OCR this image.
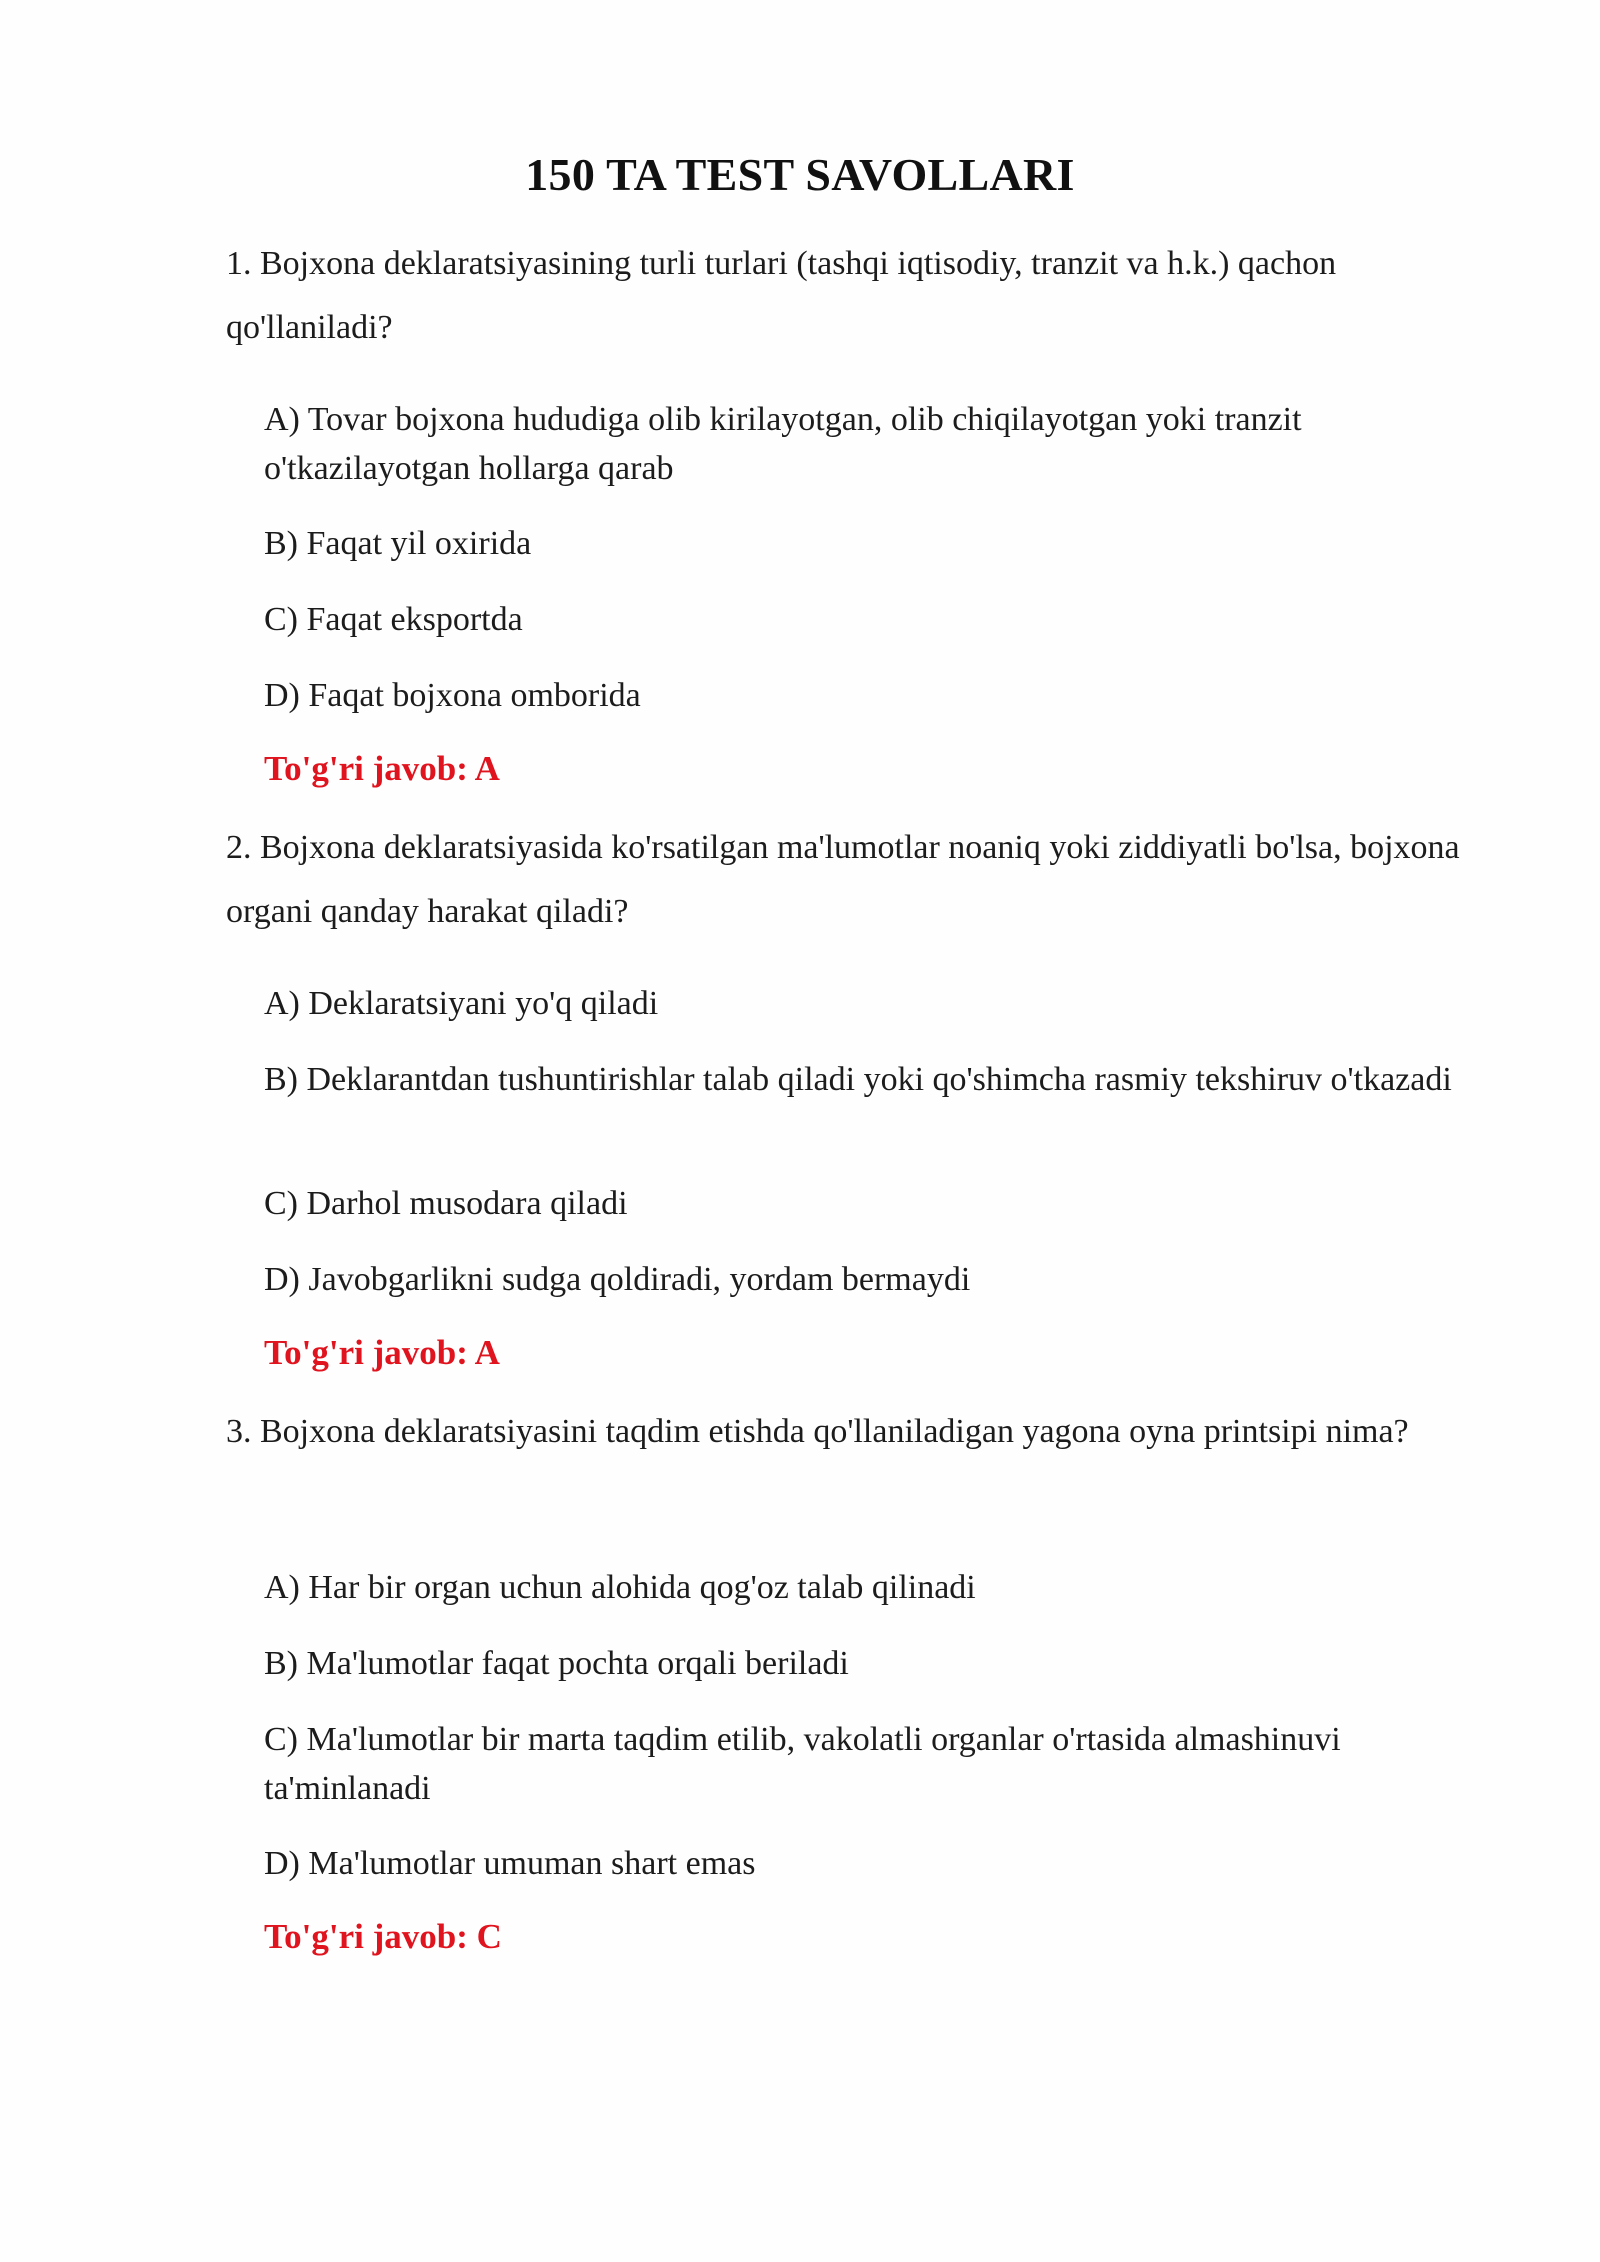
150 TA TEST SAVOLLARI

1. Bojxona deklaratsiyasining turli turlari (tashqi iqtisodiy, tranzit va h.k.) qachon qo'llaniladi?

A) Tovar bojxona hududiga olib kirilayotgan, olib chiqilayotgan yoki tranzit o'tkazilayotgan hollarga qarab

B) Faqat yil oxirida

C) Faqat eksportda

D) Faqat bojxona omborida

To'g'ri javob: A

2. Bojxona deklaratsiyasida ko'rsatilgan ma'lumotlar noaniq yoki ziddiyatli bo'lsa, bojxona organi qanday harakat qiladi?

A) Deklaratsiyani yo'q qiladi

B) Deklarantdan tushuntirishlar talab qiladi yoki qo'shimcha rasmiy tekshiruv o'tkazadi

C) Darhol musodara qiladi

D) Javobgarlikni sudga qoldiradi, yordam bermaydi

To'g'ri javob: A

3. Bojxona deklaratsiyasini taqdim etishda qo'llaniladigan yagona oyna printsipi nima?

A) Har bir organ uchun alohida qog'oz talab qilinadi

B) Ma'lumotlar faqat pochta orqali beriladi

C) Ma'lumotlar bir marta taqdim etilib, vakolatli organlar o'rtasida almashinuvi ta'minlanadi

D) Ma'lumotlar umuman shart emas

To'g'ri javob: C
